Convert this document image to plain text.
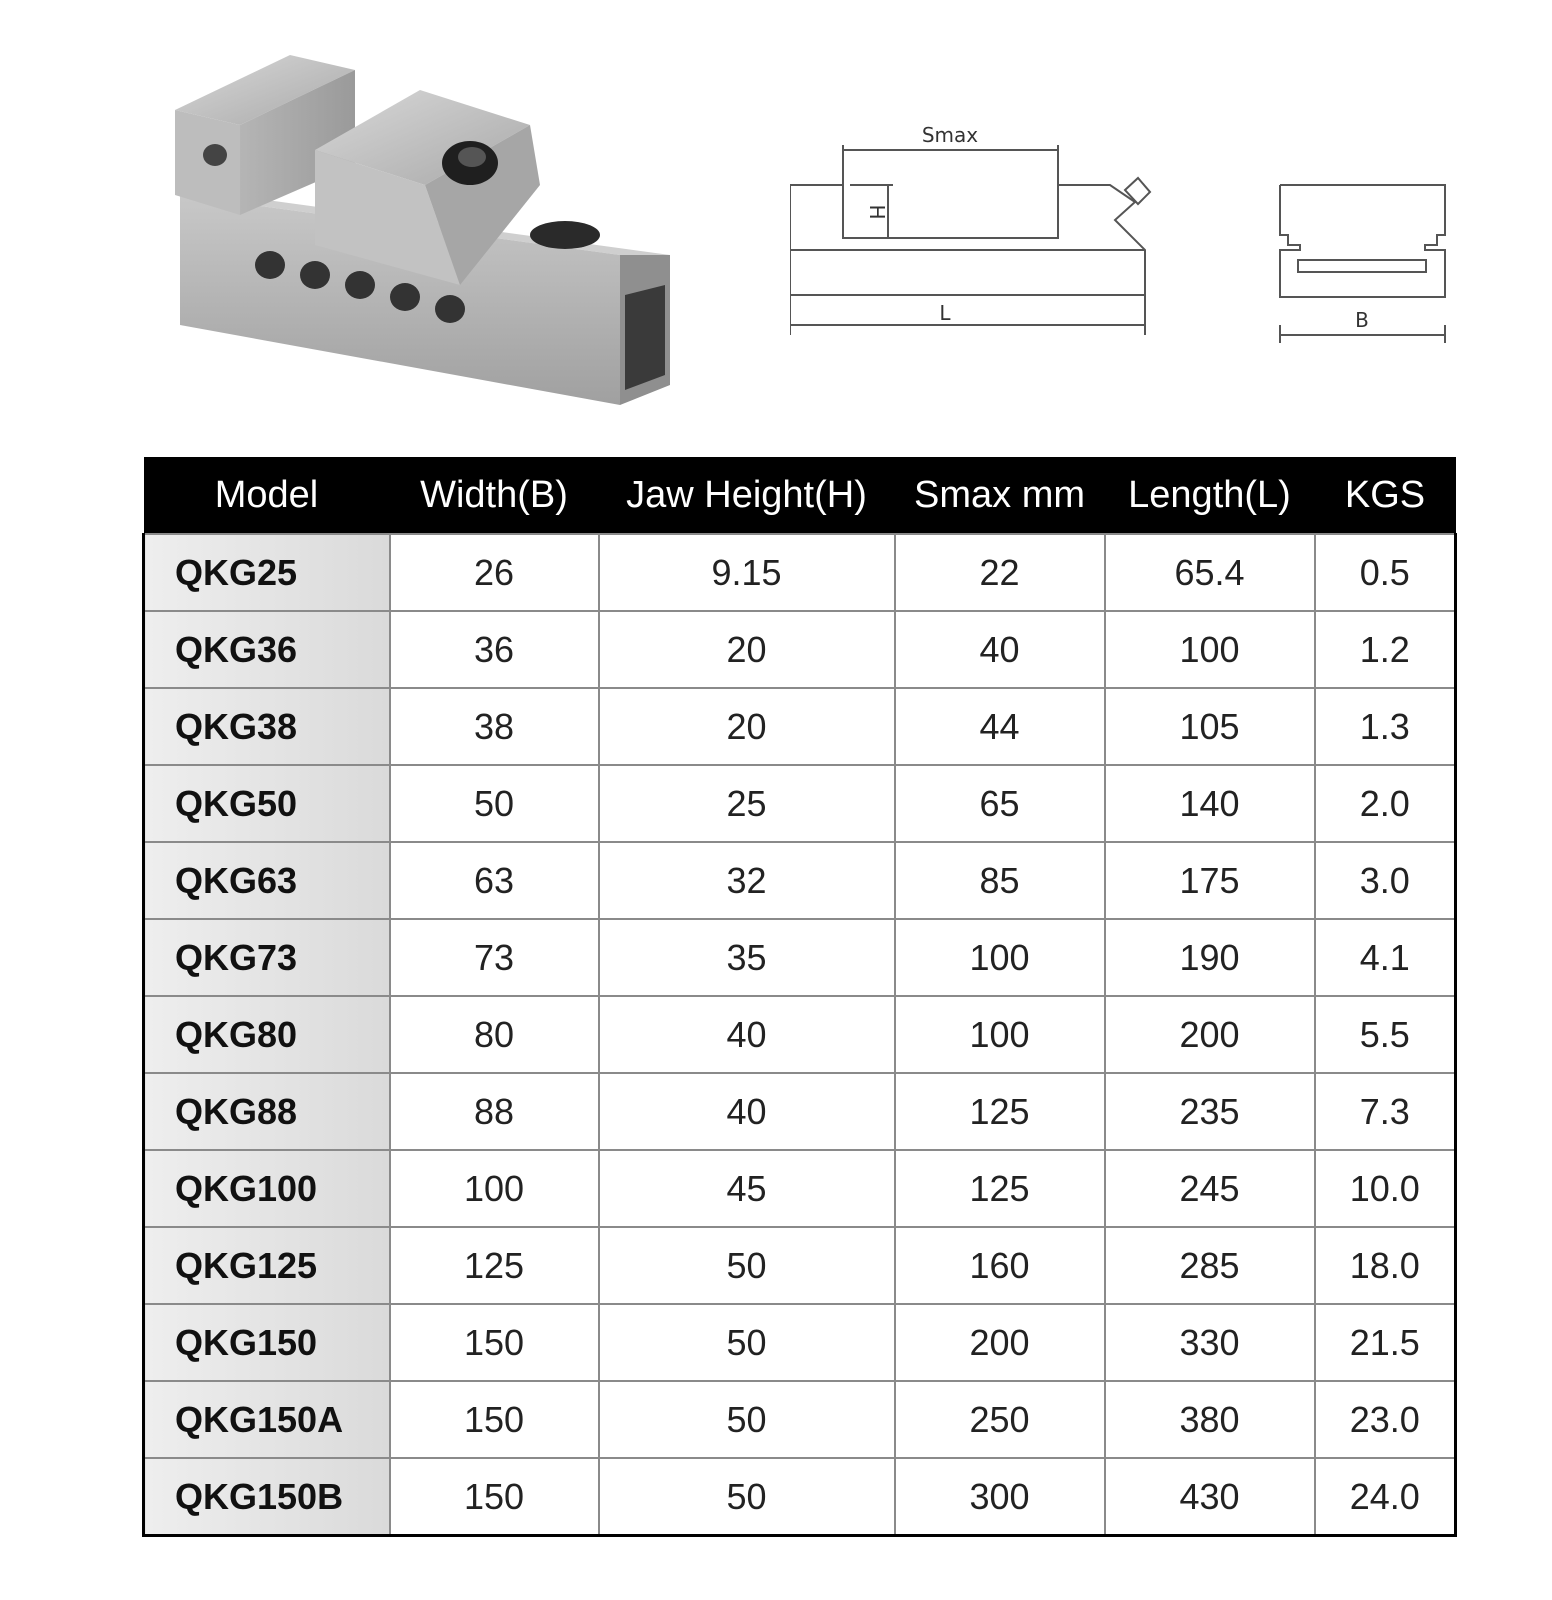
Smax
H
L	B
Model	Width(B)	Jaw Height(H)	Smax mm	Length(L)	KGS
QKG25	26	9.15	22	65.4	0.5
QKG36	36	20	40	100	1.2
QKG38	38	20	44	105	1.3
QKG50	50	25	65	140	2.0
QKG63	63	32	85	175	3.0
QKG73	73	35	100	190	4.1
QKG80	80	40	100	200	5.5
QKG88	88	40	125	235	7.3
QKG100	100	45	125	245	10.0
QKG125	125	50	160	285	18.0
QKG150	150	50	200	330	21.5
QKG150A	150	50	250	380	23.0
QKG150B	150	50	300	430	24.0
